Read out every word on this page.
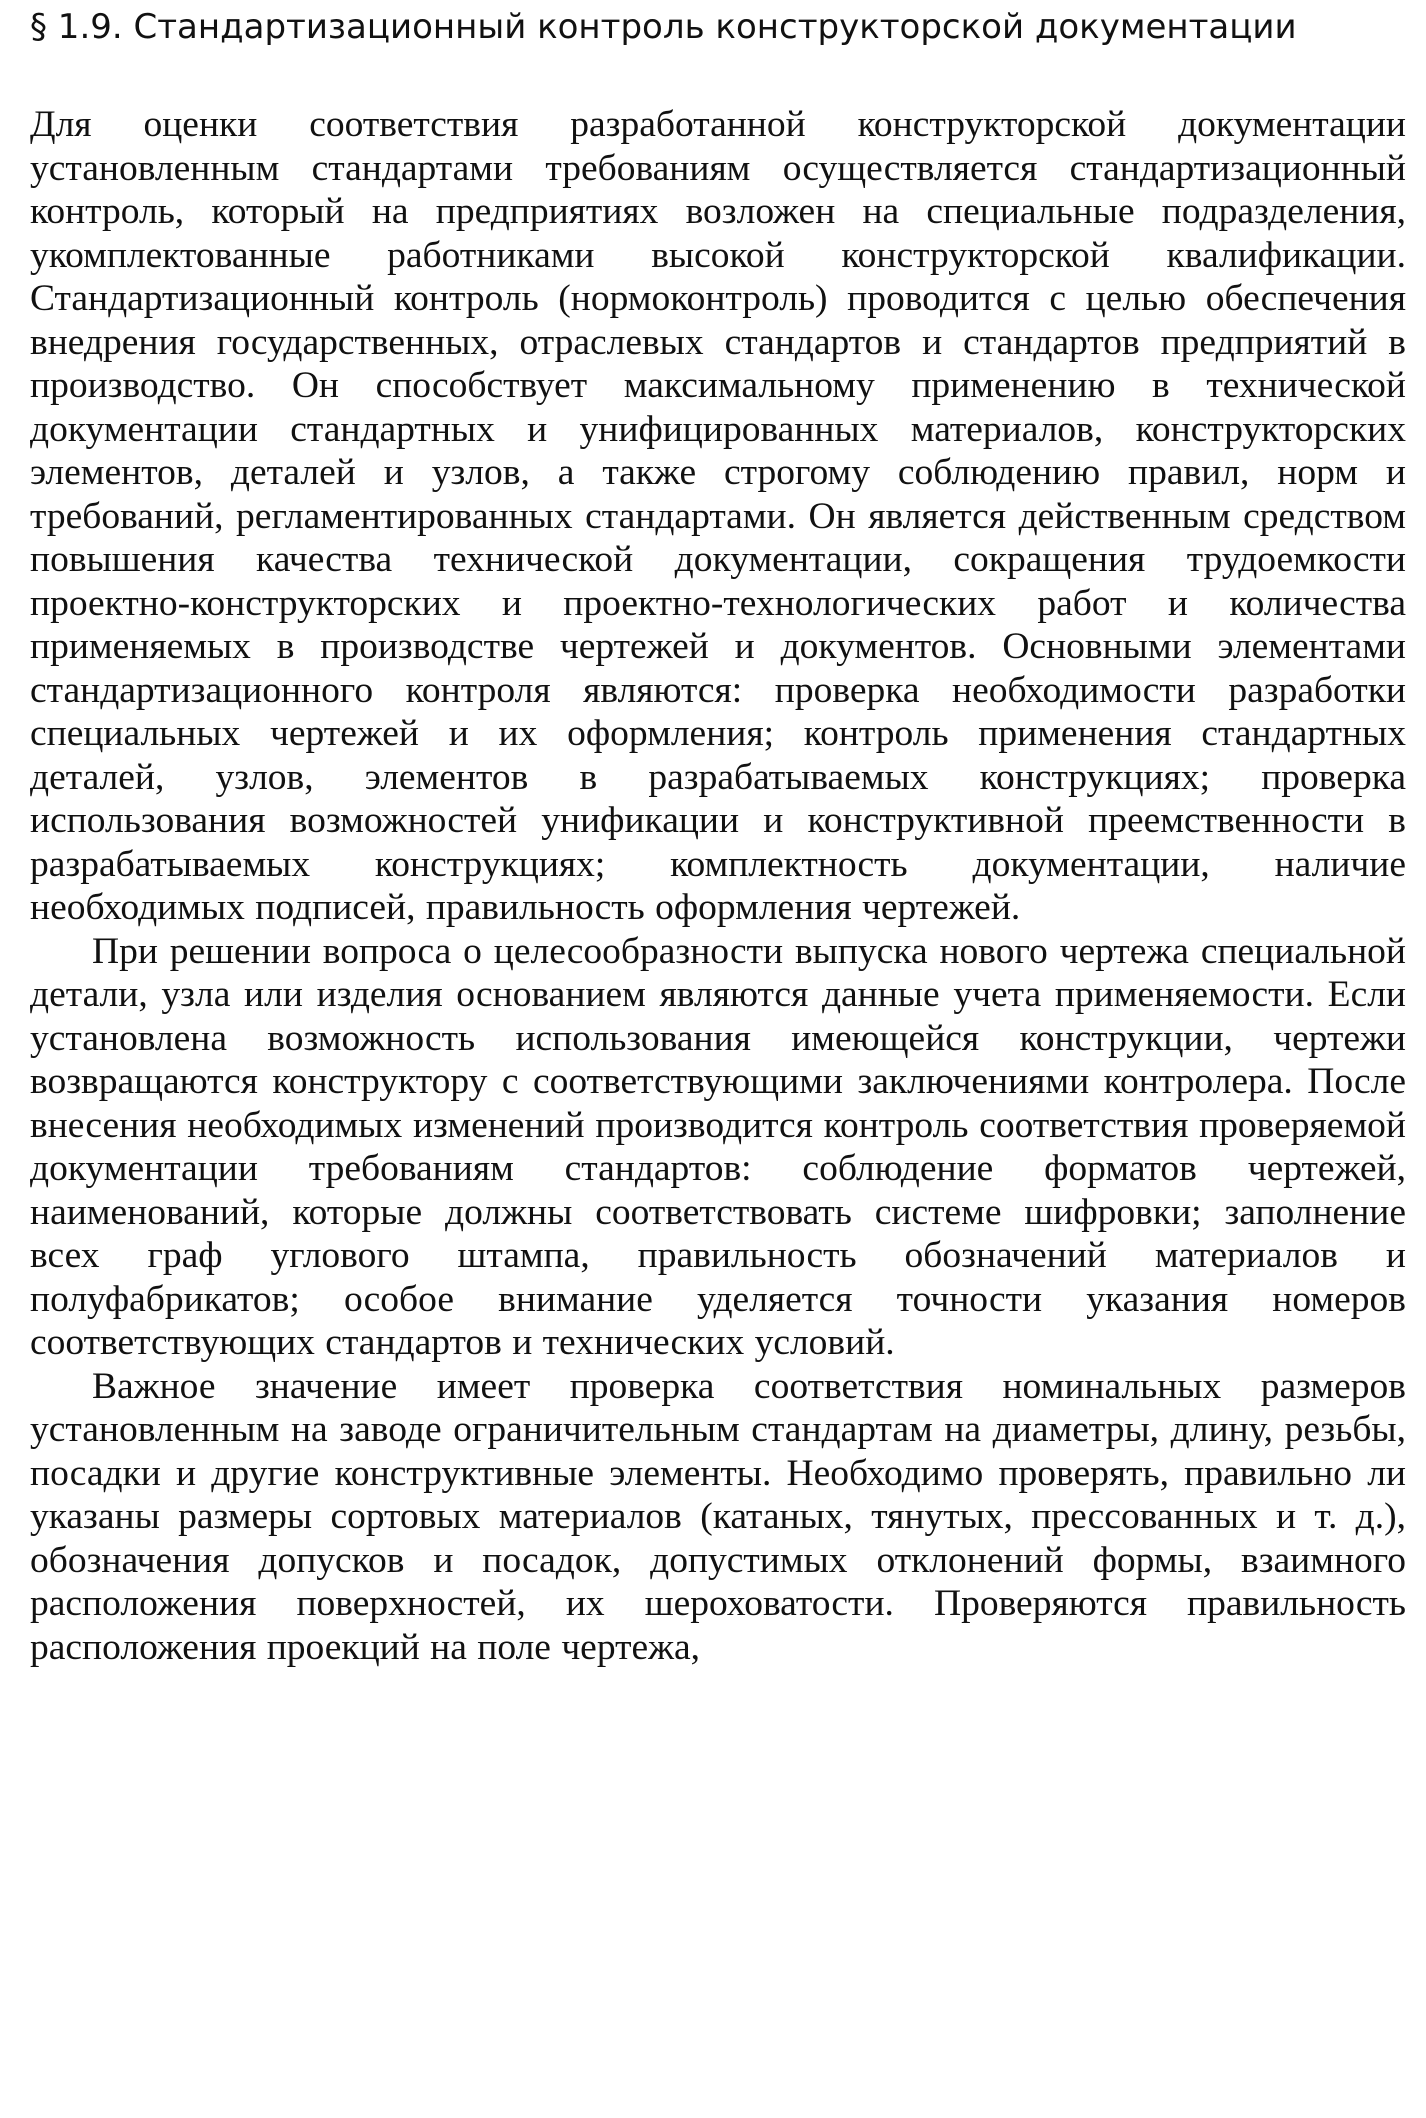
§ 1.9. Стандартизационный контроль конструкторской документации

Для оценки соответствия разработанной конструкторской документации установленным стандартами требованиям осуществляется стандартизационный контроль, который на предприятиях возложен на специальные подразделения, укомплектованные работниками высокой конструкторской квалификации. Стандартизационный контроль (нормоконтроль) проводится с целью обеспечения внедрения государственных, отраслевых стандартов и стандартов предприятий в производство. Он способствует максимальному применению в технической документации стандартных и унифицированных материалов, конструкторских элементов, деталей и узлов, а также строгому соблюдению правил, норм и требований, регламентированных стандартами. Он является действенным средством повышения качества технической документации, сокращения трудоемкости проектно-конструкторских и проектно-технологических работ и количества применяемых в производстве чертежей и документов. Основными элементами стандартизационного контроля являются: проверка необходимости разработки специальных чертежей и их оформления; контроль применения стандартных деталей, узлов, элементов в разрабатываемых конструкциях; проверка использования возможностей унификации и конструктивной преемственности в разрабатываемых конструкциях; комплектность документации, наличие необходимых подписей, правильность оформления чертежей.

При решении вопроса о целесообразности выпуска нового чертежа специальной детали, узла или изделия основанием являются данные учета применяемости. Если установлена возможность использования имеющейся конструкции, чертежи возвращаются конструктору с соответствующими заключениями контролера. После внесения необходимых изменений производится контроль соответствия проверяемой документации требованиям стандартов: соблюдение форматов чертежей, наименований, которые должны соответствовать системе шифровки; заполнение всех граф углового штампа, правильность обозначений материалов и полуфабрикатов; особое внимание уделяется точности указания номеров соответствующих стандартов и технических условий.

Важное значение имеет проверка соответствия номинальных размеров установленным на заводе ограничительным стандартам на диаметры, длину, резьбы, посадки и другие конструктивные элементы. Необходимо проверять, правильно ли указаны размеры сортовых материалов (катаных, тянутых, прессованных и т. д.), обозначения допусков и посадок, допустимых отклонений формы, взаимного расположения поверхностей, их шероховатости. Проверяются правильность расположения проекций на поле чертежа,
